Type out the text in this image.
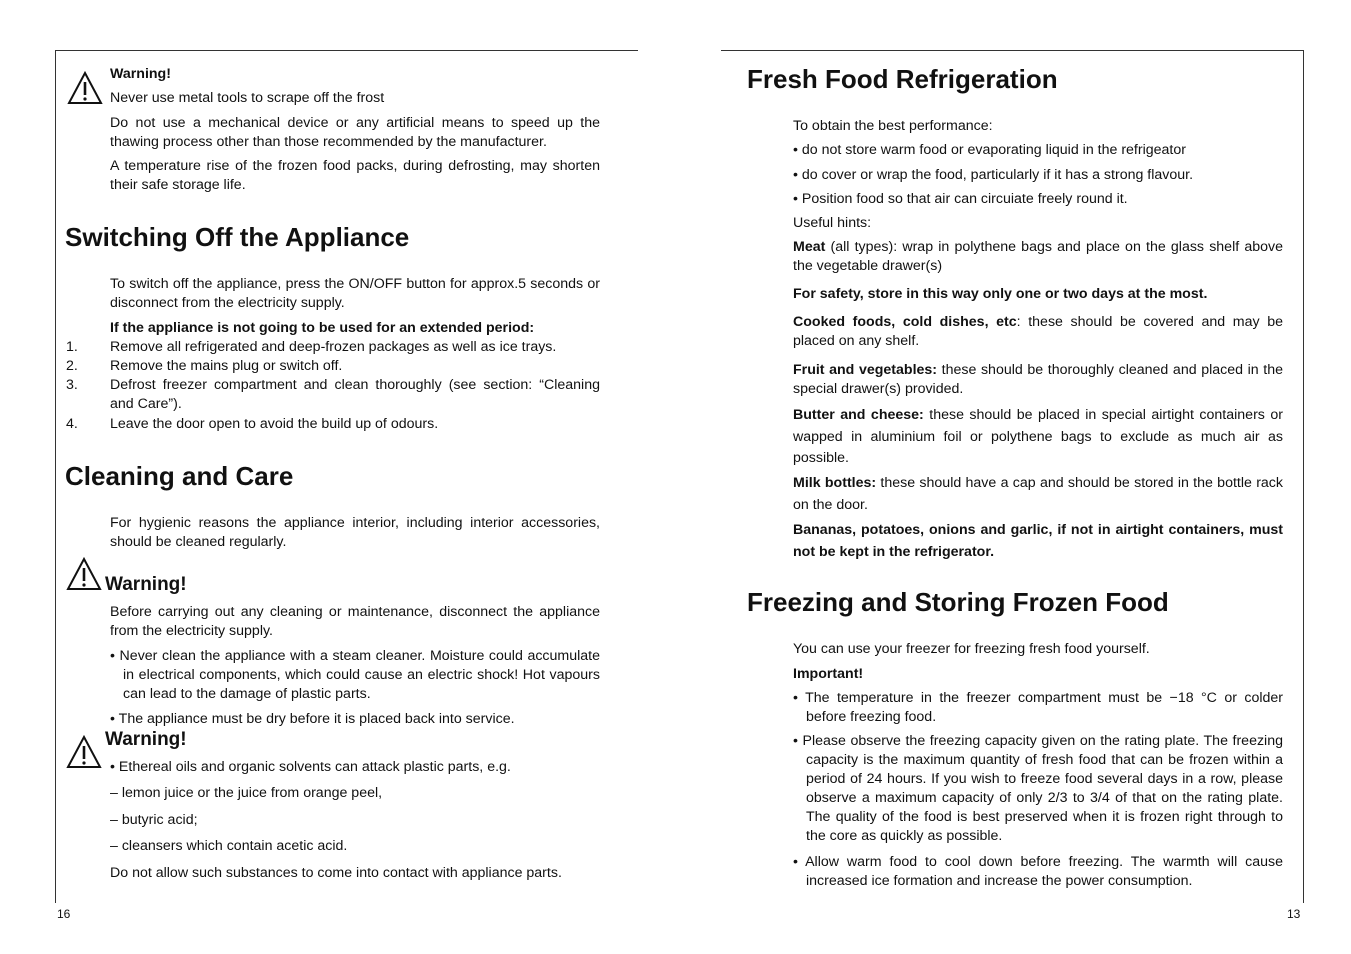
Warning!

Never use metal tools to scrape off the frost

Do not use a mechanical device or any artificial means to speed up the thawing process other than those recommended by the manufacturer.

A temperature rise of the frozen food packs, during defrosting, may shorten their safe storage life.

Switching Off the Appliance

To switch off the appliance, press the ON/OFF button for approx.5 seconds or disconnect from the electricity supply.

If the appliance is not going to be used for an extended period:

1. Remove all refrigerated and deep-frozen packages as well as ice trays.
2. Remove the mains plug or switch off.
3. Defrost freezer compartment and clean thoroughly (see section: “Cleaning and Care”).
4. Leave the door open to avoid the build up of odours.
Cleaning and Care

For hygienic reasons the appliance interior, including interior accessories, should be cleaned regularly.

Warning!

Before carrying out any cleaning or maintenance, disconnect the appliance from the electricity supply.

• Never clean the appliance with a steam cleaner. Moisture could accumulate in electrical components, which could cause an electric shock! Hot vapours can lead to the damage of plastic parts.

• The appliance must be dry before it is placed back into service.

Warning!

• Ethereal oils and organic solvents can attack plastic parts, e.g.

– lemon juice or the juice from orange peel,

– butyric acid;

– cleansers which contain acetic acid.

Do not allow such substances to come into contact with appliance parts.

16
Fresh Food Refrigeration

To obtain the best performance:

• do not store warm food or evaporating liquid in the refrigeator

• do cover or wrap the food, particularly if it has a strong flavour.

• Position food so that air can circuiate freely round it.

Useful hints:

Meat (all types): wrap in polythene bags and place on the glass shelf above the vegetable drawer(s)

For safety, store in this way only one or two days at the most.

Cooked foods, cold dishes, etc: these should be covered and may be placed on any shelf.

Fruit and vegetables: these should be thoroughly cleaned and placed in the special drawer(s) provided.

Butter and cheese: these should be placed in special airtight containers or wapped in aluminium foil or polythene bags to exclude as much air as possible.

Milk bottles: these should have a cap and should be stored in the bottle rack on the door.

Bananas, potatoes, onions and garlic, if not in airtight containers, must not be kept in the refrigerator.

Freezing and Storing Frozen Food

You can use your freezer for freezing fresh food yourself.

Important!

• The temperature in the freezer compartment must be −18 °C or colder before freezing food.

• Please observe the freezing capacity given on the rating plate. The freezing capacity is the maximum quantity of fresh food that can be frozen within a period of 24 hours. If you wish to freeze food several days in a row, please observe a maximum capacity of only 2/3 to 3/4 of that on the rating plate. The quality of the food is best preserved when it is frozen right through to the core as quickly as possible.

• Allow warm food to cool down before freezing. The warmth will cause increased ice formation and increase the power consumption.

13
